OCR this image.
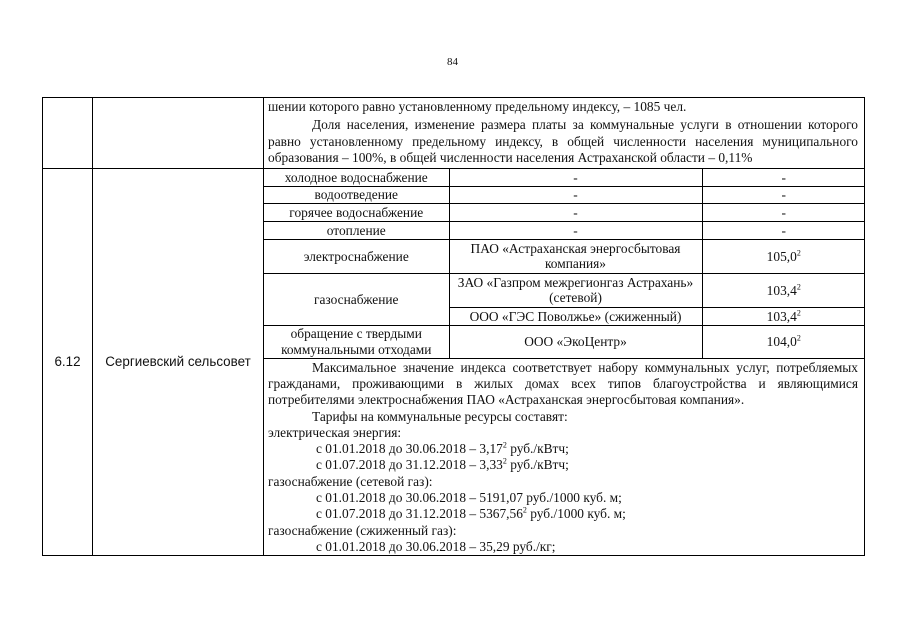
84

шении которого равно установленному предельному индексу, – 1085 чел.
Доля населения, изменение размера платы за коммунальные услуги в отношении которого равно установленному предельному индексу, в общей численности населения муниципального образования – 100%, в общей численности населения Астраханской области – 0,11%

6.12	Сергиевский сельсовет	
холодное водоснабжение	-	-
водоотведение	-	-
горячее водоснабжение	-	-
отопление	-	-
электроснабжение	ПАО «Астраханская энергосбытовая компания»	105,0$^2$
газоснабжение	ЗАО «Газпром межрегионгаз Астрахань» (сетевой)	103,4$^2$
ООО «ГЭС Поволжье» (сжиженный)	103,4$^2$
обращение с твердыми коммунальными отходами	ООО «ЭкоЦентр»	104,0$^2$

Максимальное значение индекса соответствует набору коммунальных услуг, потребляемых гражданами, проживающими в жилых домах всех типов благоустройства и являющимися потребителями электроснабжения ПАО «Астраханская энергосбытовая компания».

Тарифы на коммунальные ресурсы составят:

электрическая энергия:

с 01.01.2018 до 30.06.2018 – 3,17$^2$ руб./кВтч;

с 01.07.2018 до 31.12.2018 – 3,33$^2$ руб./кВтч;

газоснабжение (сетевой газ):

с 01.01.2018 до 30.06.2018 – 5191,07 руб./1000 куб. м;

с 01.07.2018 до 31.12.2018 – 5367,56$^2$ руб./1000 куб. м;

газоснабжение (сжиженный газ):

с 01.01.2018 до 30.06.2018 – 35,29 руб./кг;
